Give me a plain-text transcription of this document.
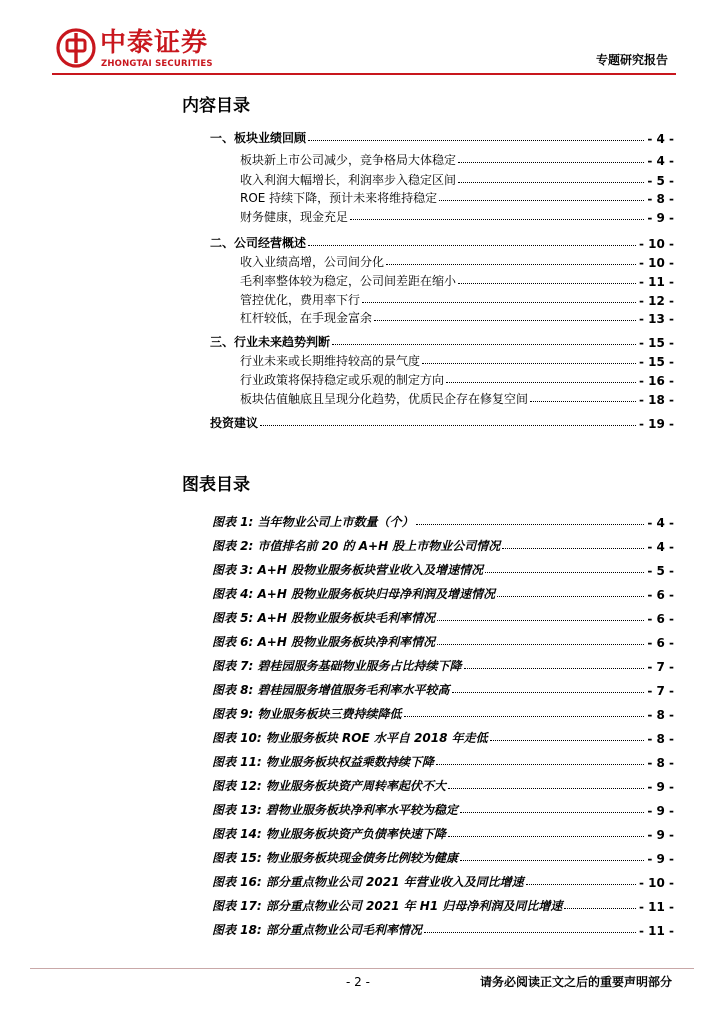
中泰证券
ZHONGTAI SECURITIES	专题研究报告
内容目录
一、板块业绩回顾	- 4 -
板块新上市公司减少，竞争格局大体稳定	- 4 -
收入利润大幅增长，利润率步入稳定区间	- 5 -
ROE 持续下降，预计未来将维持稳定	- 8 -
财务健康，现金充足	- 9 -
二、公司经营概述	- 10 -
收入业绩高增，公司间分化	- 10 -
毛利率整体较为稳定，公司间差距在缩小	- 11 -
管控优化，费用率下行	- 12 -
杠杆较低，在手现金富余	- 13 -
三、行业未来趋势判断	- 15 -
行业未来或长期维持较高的景气度	- 15 -
行业政策将保持稳定或乐观的制定方向	- 16 -
板块估值触底且呈现分化趋势，优质民企存在修复空间	- 18 -
投资建议	- 19 -
图表目录
图表 1: 当年物业公司上市数量（个）	- 4 -
图表 2: 市值排名前 20 的 A+H 股上市物业公司情况	- 4 -
图表 3: A+H 股物业服务板块营业收入及增速情况	- 5 -
图表 4: A+H 股物业服务板块归母净利润及增速情况	- 6 -
图表 5: A+H 股物业服务板块毛利率情况	- 6 -
图表 6: A+H 股物业服务板块净利率情况	- 6 -
图表 7: 碧桂园服务基础物业服务占比持续下降	- 7 -
图表 8: 碧桂园服务增值服务毛利率水平较高	- 7 -
图表 9: 物业服务板块三费持续降低	- 8 -
图表 10: 物业服务板块 ROE 水平自 2018 年走低	- 8 -
图表 11: 物业服务板块权益乘数持续下降	- 8 -
图表 12: 物业服务板块资产周转率起伏不大	- 9 -
图表 13: 碧物业服务板块净利率水平较为稳定	- 9 -
图表 14: 物业服务板块资产负债率快速下降	- 9 -
图表 15: 物业服务板块现金债务比例较为健康	- 9 -
图表 16: 部分重点物业公司 2021 年营业收入及同比增速	- 10 -
图表 17: 部分重点物业公司 2021 年 H1 归母净利润及同比增速	- 11 -
图表 18: 部分重点物业公司毛利率情况	- 11 -
- 2 -	请务必阅读正文之后的重要声明部分
